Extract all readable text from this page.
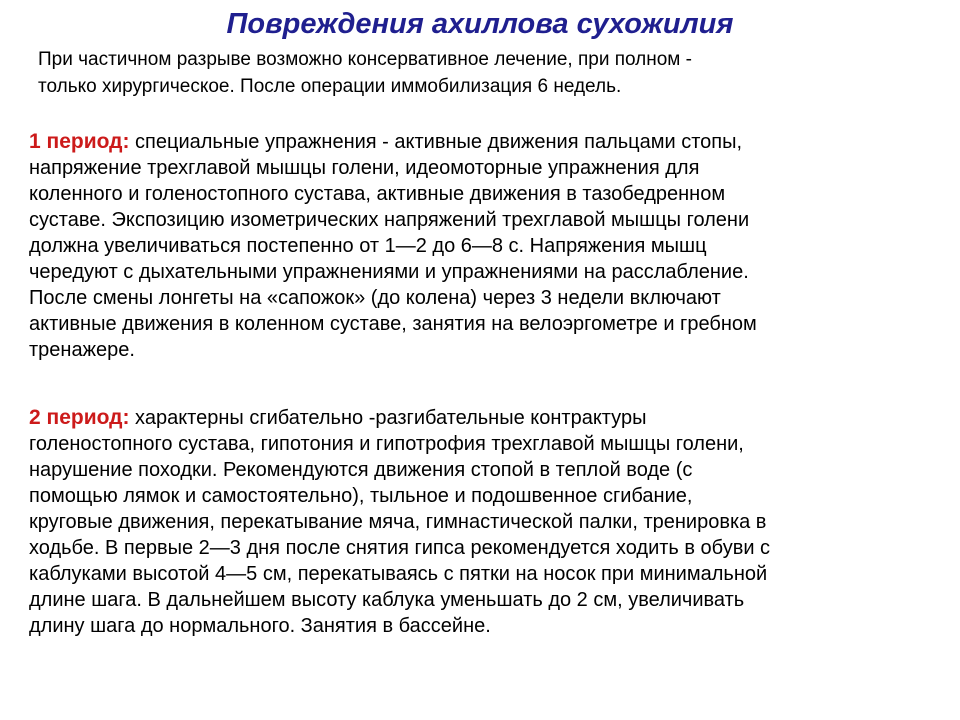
Повреждения ахиллова сухожилия
При частичном разрыве возможно консервативное лечение, при полном -
только хирургическое. После операции иммобилизация 6 недель.
1 период: специальные упражнения - активные движения пальцами стопы,
напряжение трехглавой мышцы голени, идеомоторные упражнения для
коленного и голеностопного сустава, активные движения в тазобедренном
суставе. Экспозицию изометрических напряжений трехглавой мышцы голени
должна увеличиваться постепенно от 1—2 до 6—8 с. Напряжения мышц
чередуют с дыхательными упражнениями и упражнениями на расслабление.
После смены лонгеты на «сапожок» (до колена) через 3 недели включают
активные движения в коленном суставе, занятия на велоэргометре и гребном
тренажере.
2 период: характерны сгибательно -разгибательные контрактуры
голеностопного сустава, гипотония и гипотрофия трехглавой мышцы голени,
нарушение походки. Рекомендуются движения стопой в теплой воде (с
помощью лямок и самостоятельно), тыльное и подошвенное сгибание,
круговые движения, перекатывание мяча, гимнастической палки, тренировка в
ходьбе. В первые 2—3 дня после снятия гипса рекомендуется ходить в обуви с
каблуками высотой 4—5 см, перекатываясь с пятки на носок при минимальной
длине шага. В дальнейшем высоту каблука уменьшать до 2 см, увеличивать
длину шага до нормального. Занятия в бассейне.
